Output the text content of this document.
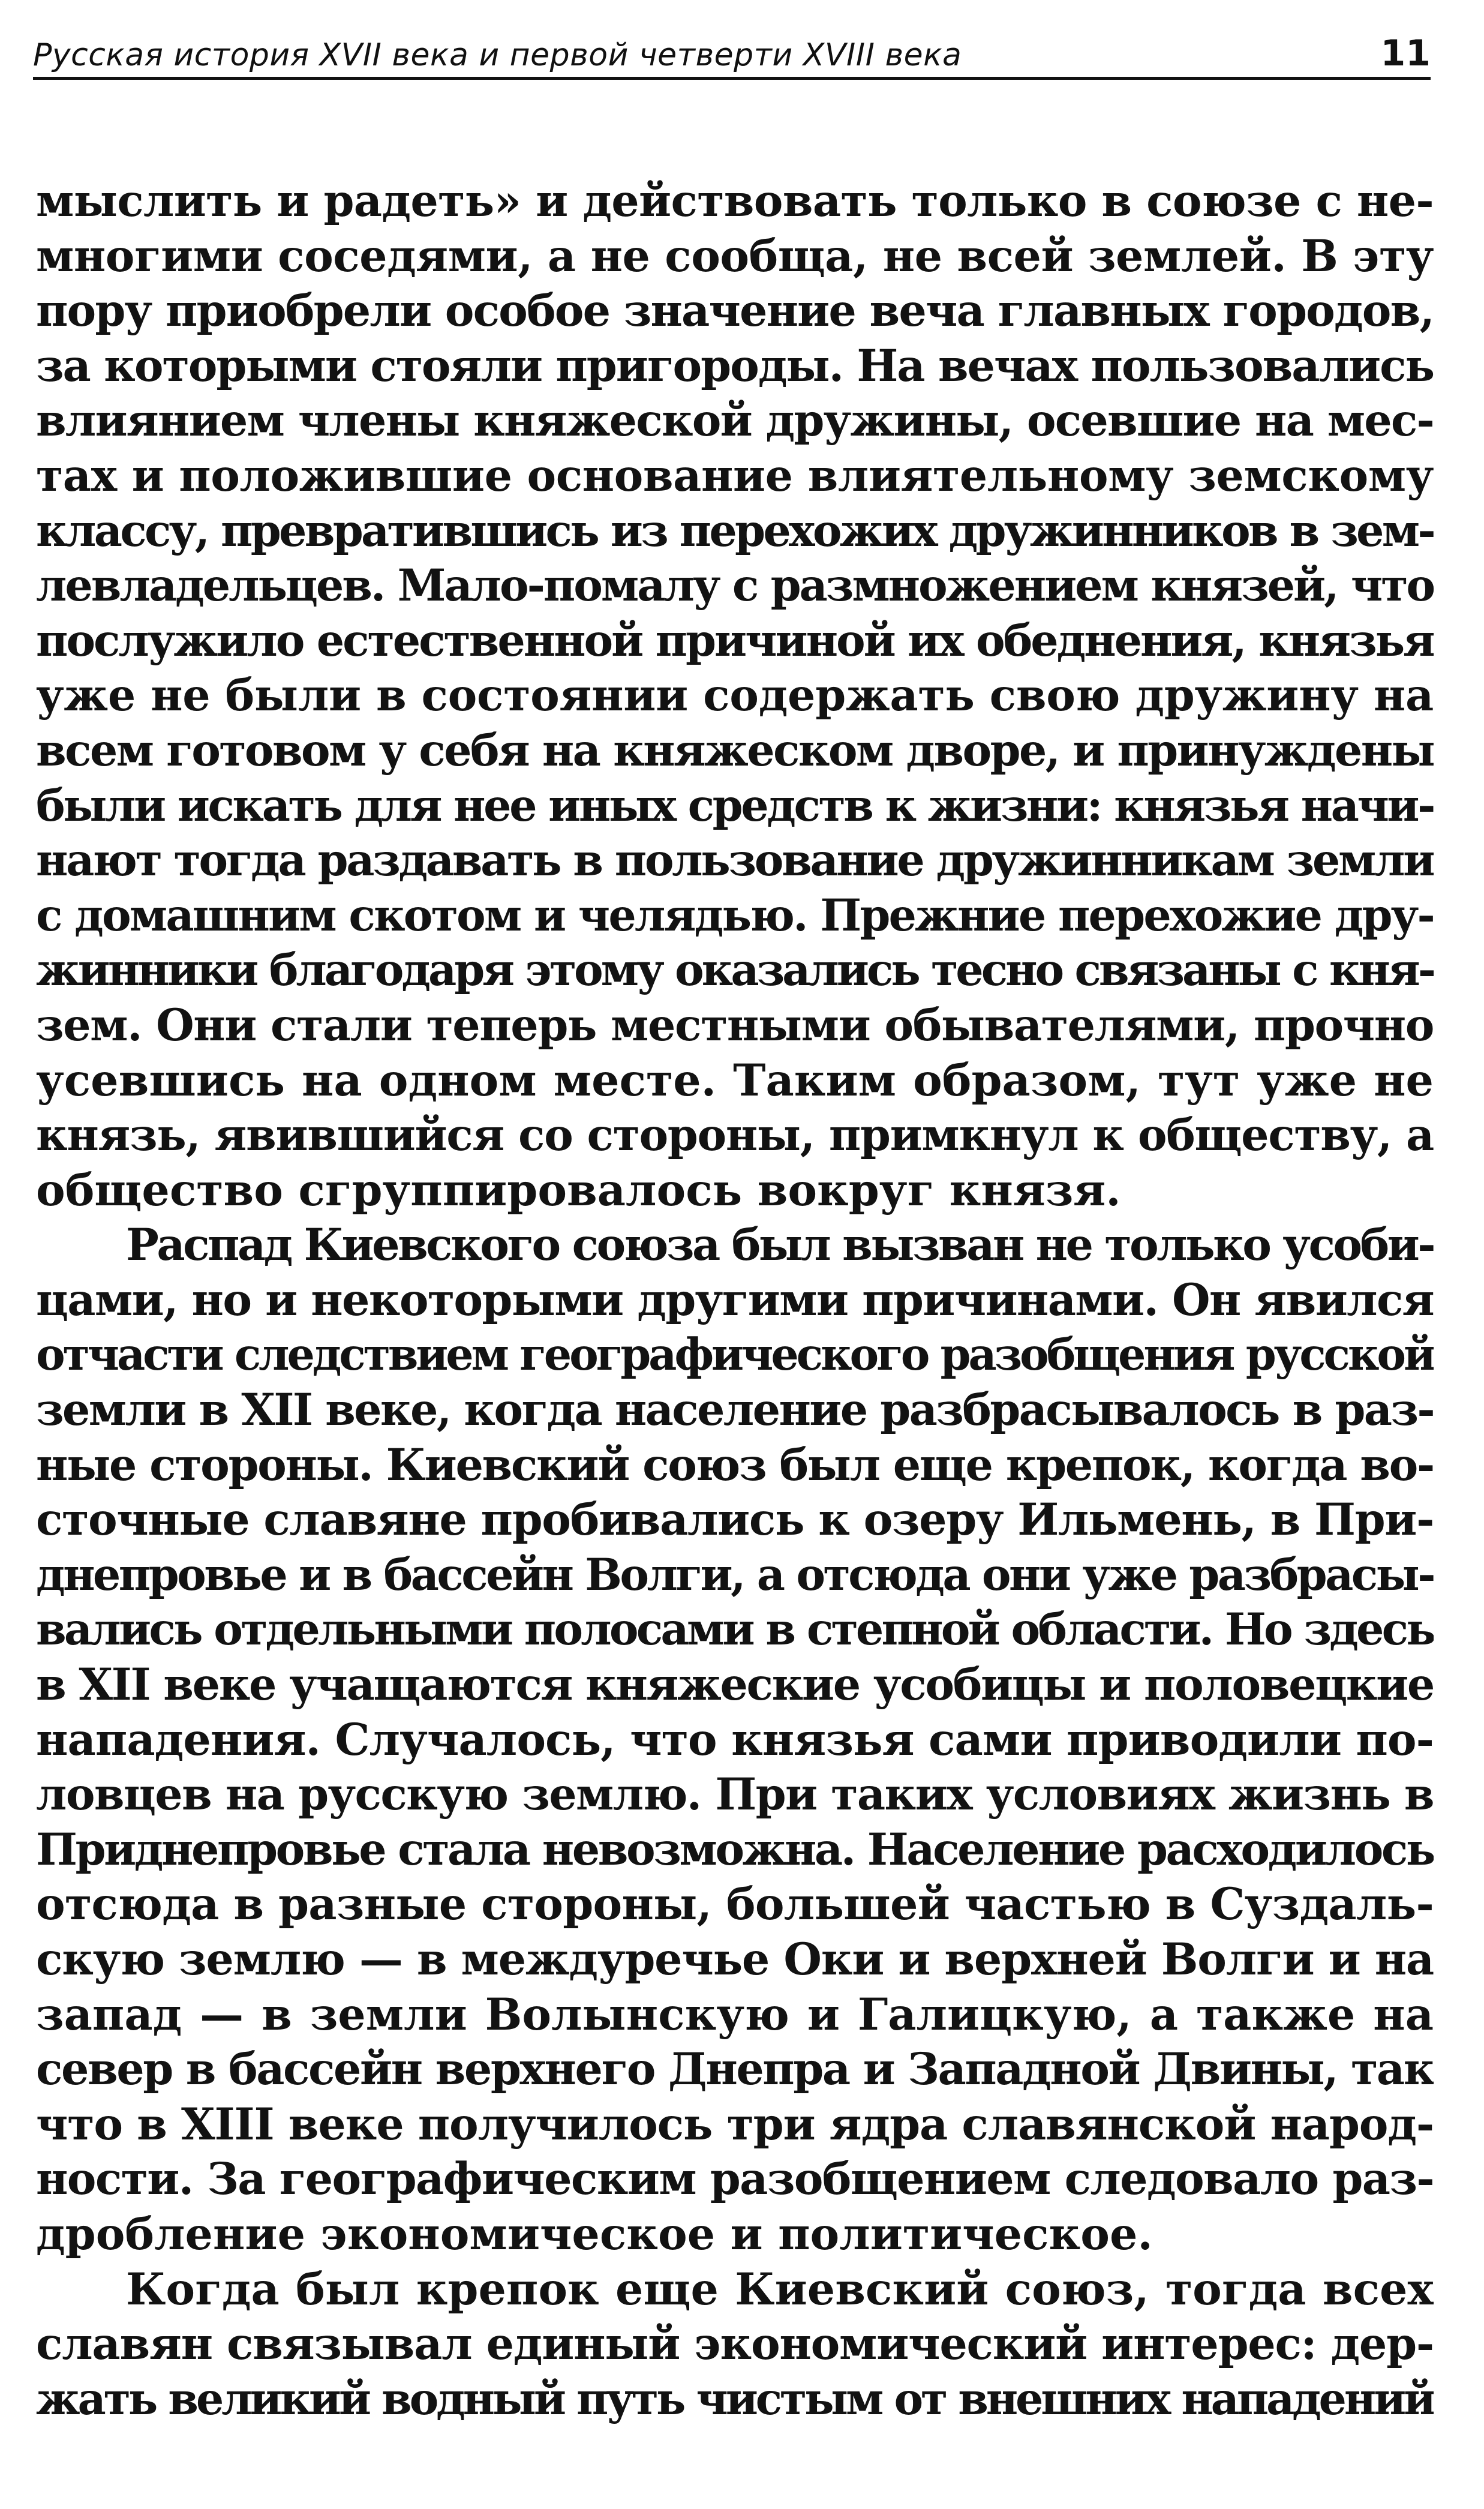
Русская история XVII века и первой четверти XVIII века	11

мыслить и радеть» и действовать только в союзе с не-
многими соседями, а не сообща, не всей землей. В эту
пору приобрели особое значение веча главных городов,
за которыми стояли пригороды. На вечах пользовались
влиянием члены княжеской дружины, осевшие на мес-
тах и положившие основание влиятельному земскому
классу, превратившись из перехожих дружинников в зем-
левладельцев. Мало-помалу с размножением князей, что
послужило естественной причиной их обеднения, князья
уже не были в состоянии содержать свою дружину на
всем готовом у себя на княжеском дворе, и принуждены
были искать для нее иных средств к жизни: князья начи-
нают тогда раздавать в пользование дружинникам земли
с домашним скотом и челядью. Прежние перехожие дру-
жинники благодаря этому оказались тесно связаны с кня-
зем. Они стали теперь местными обывателями, прочно
усевшись на одном месте. Таким образом, тут уже не
князь, явившийся со стороны, примкнул к обществу, а
общество сгруппировалось вокруг князя.

Распад Киевского союза был вызван не только усоби-
цами, но и некоторыми другими причинами. Он явился
отчасти следствием географического разобщения русской
земли в XII веке, когда население разбрасывалось в раз-
ные стороны. Киевский союз был еще крепок, когда во-
сточные славяне пробивались к озеру Ильмень, в При-
днепровье и в бассейн Волги, а отсюда они уже разбрасы-
вались отдельными полосами в степной области. Но здесь
в XII веке учащаются княжеские усобицы и половецкие
нападения. Случалось, что князья сами приводили по-
ловцев на русскую землю. При таких условиях жизнь в
Приднепровье стала невозможна. Население расходилось
отсюда в разные стороны, большей частью в Суздаль-
скую землю — в междуречье Оки и верхней Волги и на
запад — в земли Волынскую и Галицкую, а также на
север в бассейн верхнего Днепра и Западной Двины, так
что в XIII веке получилось три ядра славянской народ-
ности. За географическим разобщением следовало раз-
дробление экономическое и политическое.

Когда был крепок еще Киевский союз, тогда всех
славян связывал единый экономический интерес: дер-
жать великий водный путь чистым от внешних нападений
